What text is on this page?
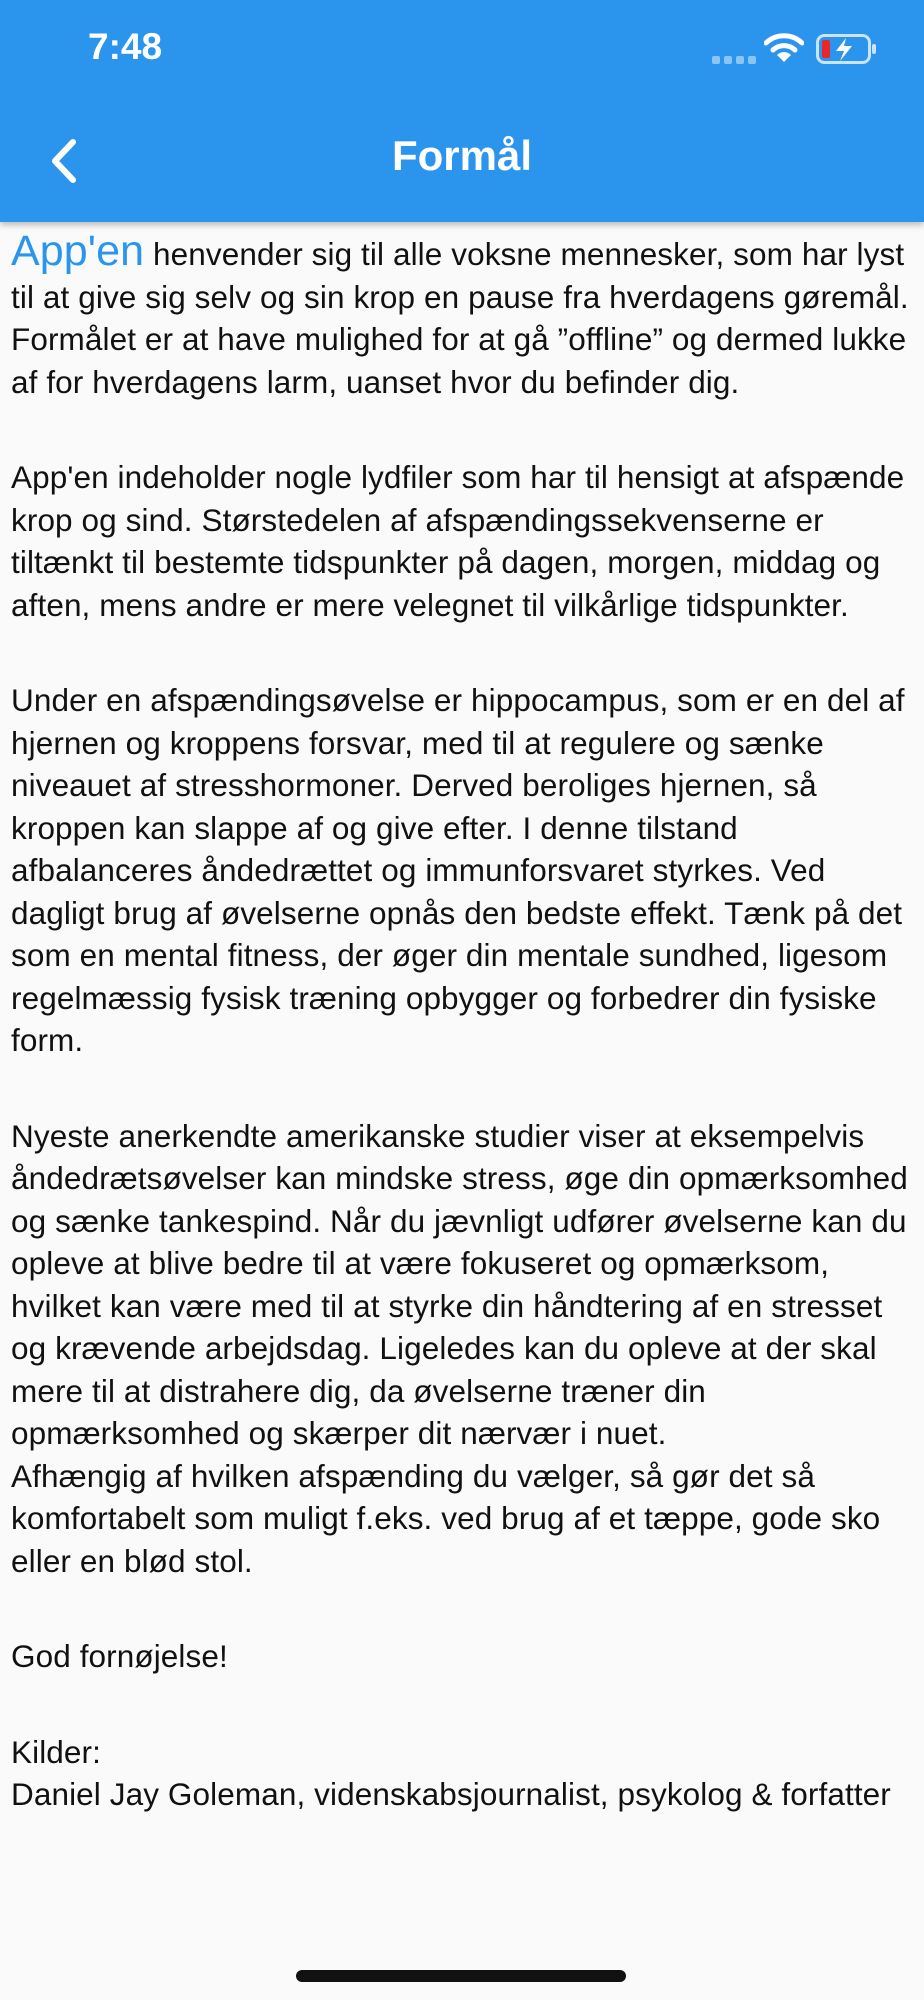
7:48
Formål

App'en henvender sig til alle voksne mennesker, som har lyst til at give sig selv og sin krop en pause fra hverdagens gøremål. Formålet er at have mulighed for at gå ”offline” og dermed lukke af for hverdagens larm, uanset hvor du befinder dig.

App'en indeholder nogle lydfiler som har til hensigt at afspænde krop og sind. Størstedelen af afspændingssekvenserne er tiltænkt til bestemte tidspunkter på dagen, morgen, middag og aften, mens andre er mere velegnet til vilkårlige tidspunkter.

Under en afspændingsøvelse er hippocampus, som er en del af hjernen og kroppens forsvar, med til at regulere og sænke niveauet af stresshormoner. Derved beroliges hjernen, så kroppen kan slappe af og give efter. I denne tilstand afbalanceres åndedrættet og immunforsvaret styrkes. Ved dagligt brug af øvelserne opnås den bedste effekt. Tænk på det som en mental fitness, der øger din mentale sundhed, ligesom regelmæssig fysisk træning opbygger og forbedrer din fysiske form.

Nyeste anerkendte amerikanske studier viser at eksempelvis åndedrætsøvelser kan mindske stress, øge din opmærksomhed og sænke tankespind. Når du jævnligt udfører øvelserne kan du opleve at blive bedre til at være fokuseret og opmærksom, hvilket kan være med til at styrke din håndtering af en stresset og krævende arbejdsdag. Ligeledes kan du opleve at der skal mere til at distrahere dig, da øvelserne træner din opmærksomhed og skærper dit nærvær i nuet.
Afhængig af hvilken afspænding du vælger, så gør det så komfortabelt som muligt f.eks. ved brug af et tæppe, gode sko eller en blød stol.

God fornøjelse!

Kilder:

Daniel Jay Goleman, videnskabsjournalist, psykolog & forfatter
